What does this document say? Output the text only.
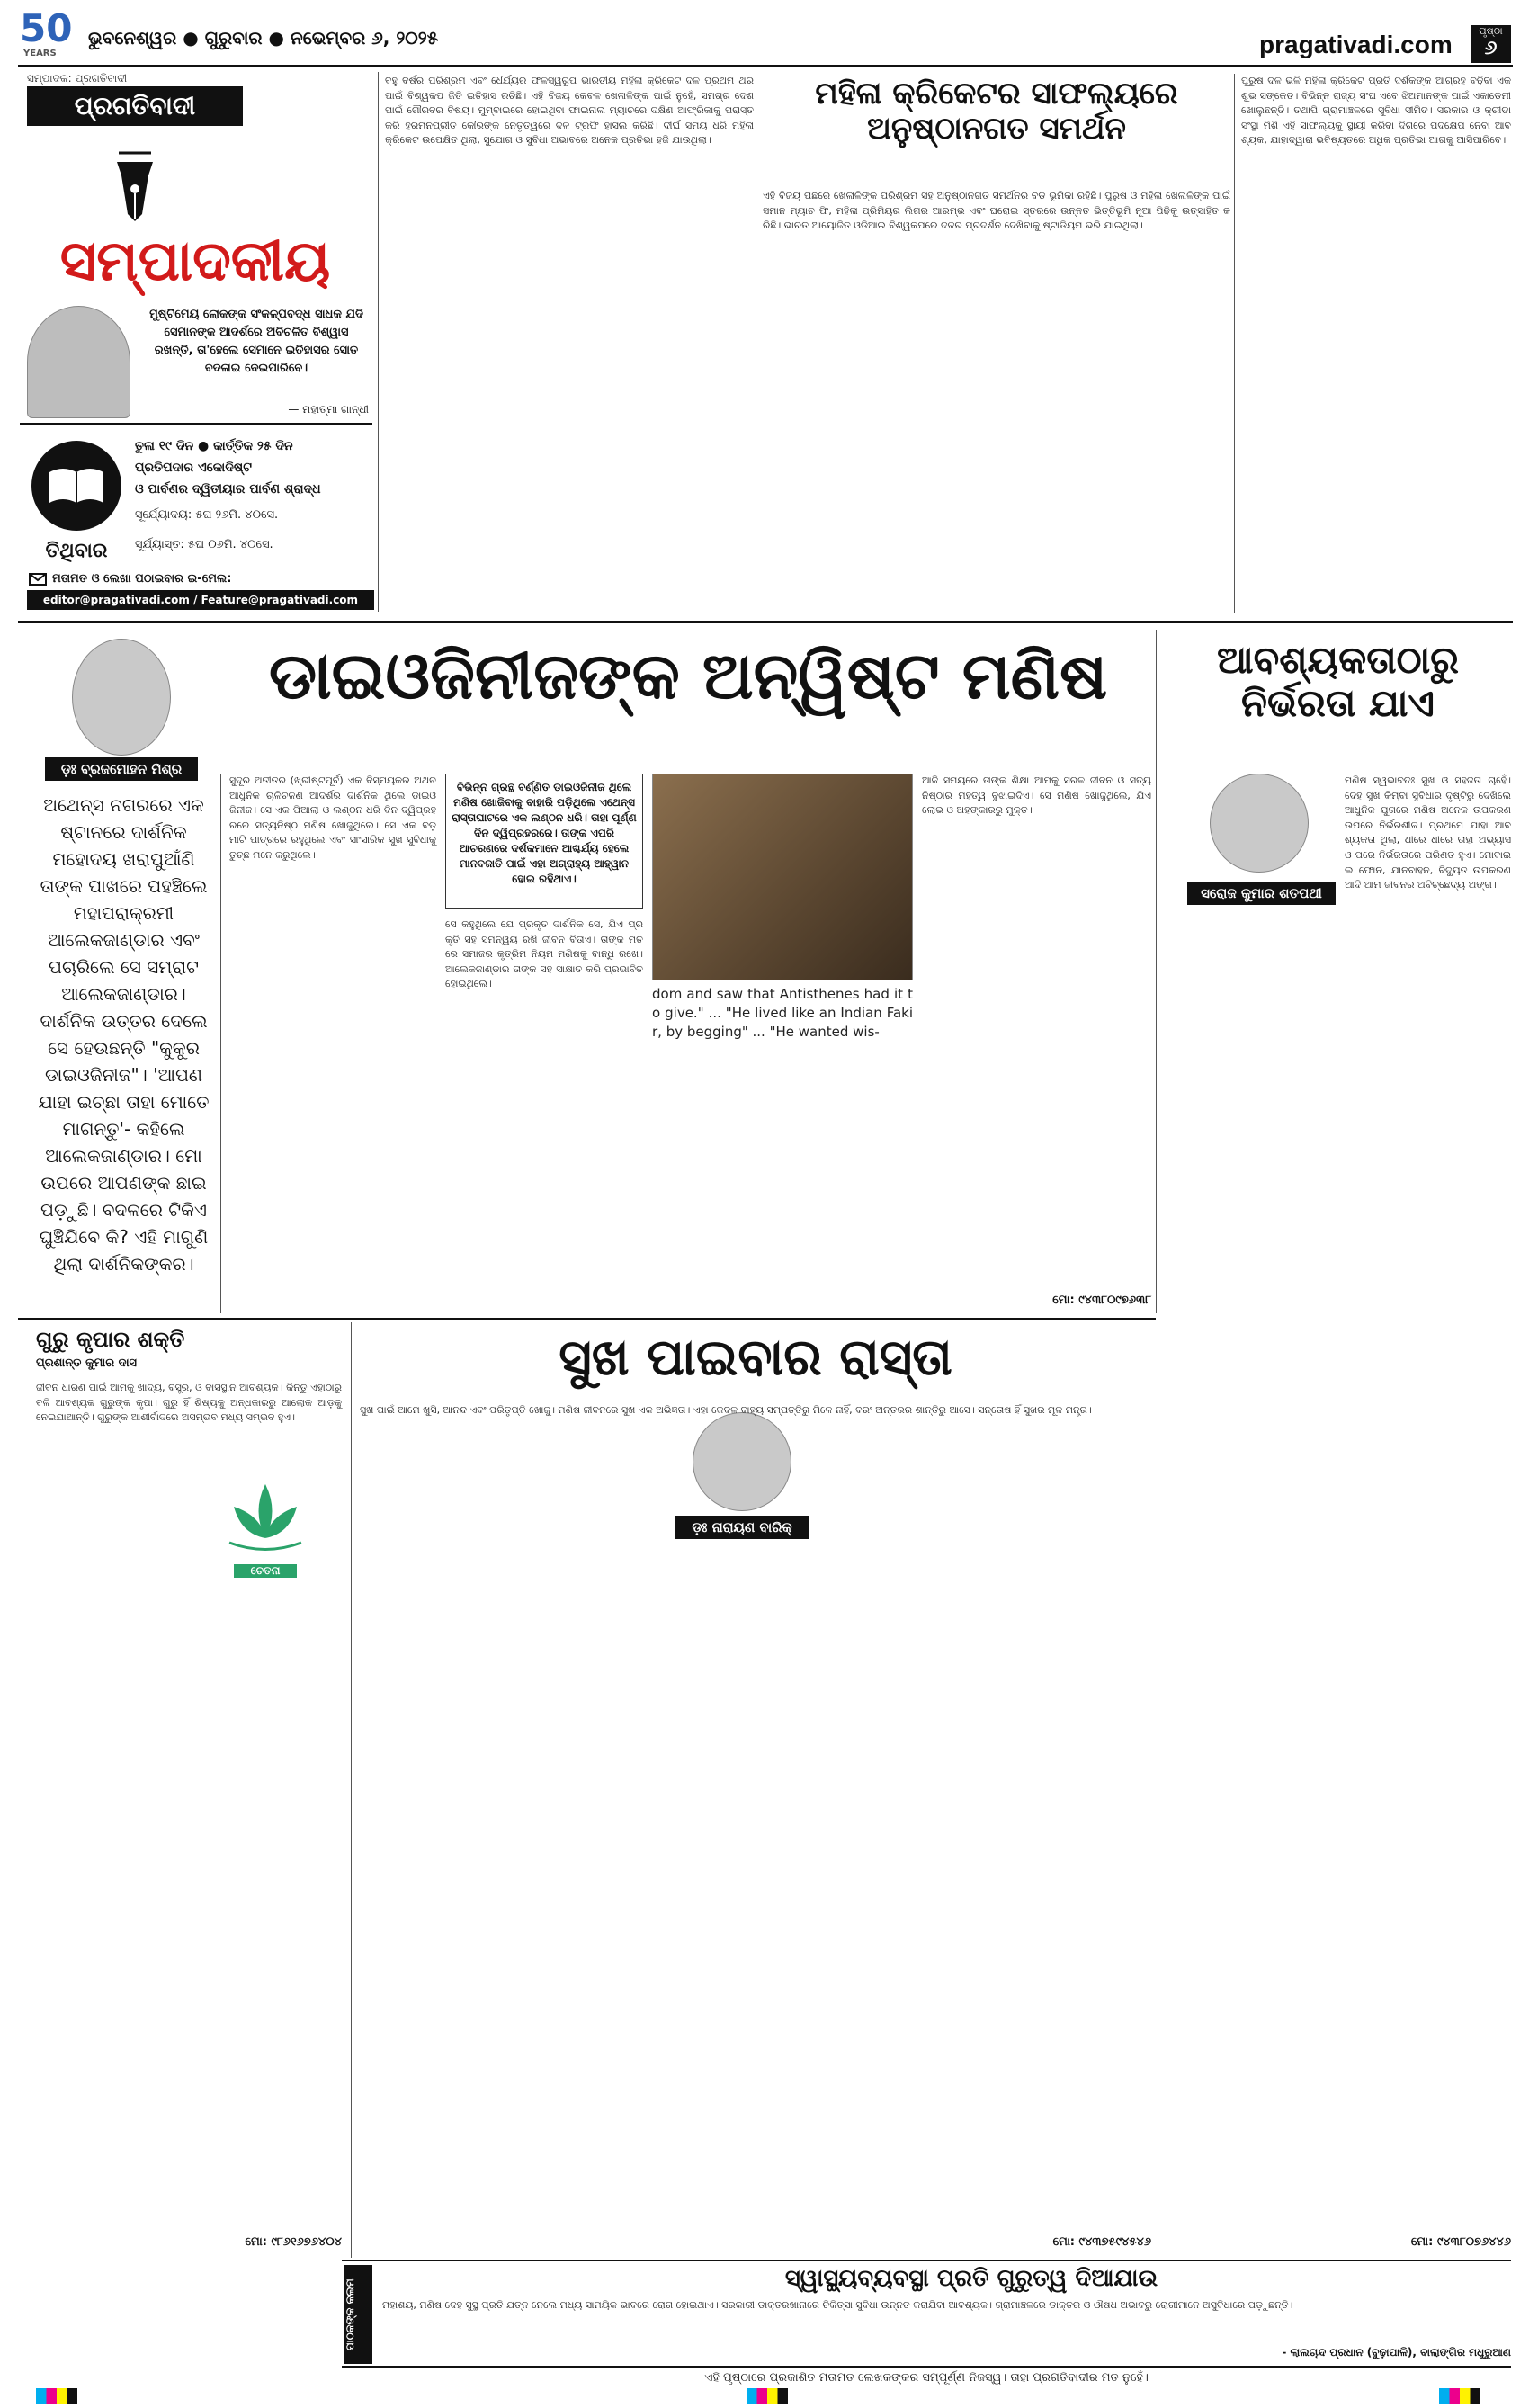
50
YEARS
ଭୁବନେଶ୍ୱର ● ଗୁରୁବାର ● ନଭେମ୍ବର ୬, ୨୦୨୫	pragativadi.com	ପୃଷ୍ଠା
୬
ସମ୍ପାଦକ: ପ୍ରଗତିବାଦୀ
ପ୍ରଗତିବାଦୀ
ସମ୍ପାଦକୀୟ
ମୁଷ୍ଟିମେୟ ଲୋକଙ୍କ ସଂକଳ୍ପବଦ୍ଧ ସାଧକ ଯଦି ସେମାନଙ୍କ ଆଦର୍ଶରେ ଅବିଚଳିତ ବିଶ୍ୱାସ ରଖନ୍ତି, ତା'ହେଲେ ସେମାନେ ଇତିହାସର ସୋତ ବଦଳାଇ ଦେଇପାରିବେ।
— ମହାତ୍ମା ଗାନ୍ଧୀ
ତିଥିବାର
ତୁଳା ୧୯ ଦିନ ● କାର୍ତ୍ତିକ ୨୫ ଦିନ
ପ୍ରତିପଦାର ଏକୋଦିଷ୍ଟ
ଓ ପାର୍ବଣର ଦ୍ୱିତୀୟାର ପାର୍ବଣ ଶ୍ରାଦ୍ଧ
ସୂର୍ଯ୍ୟୋଦୟ: ୫ଘ ୨୬ମି. ୪୦ସେ.
ସୂର୍ଯ୍ୟାସ୍ତ: ୫ଘ ୦୬ମି. ୪୦ସେ.
ମତାମତ ଓ ଲେଖା ପଠାଇବାର ଇ-ମେଲ:
editor@pragativadi.com / Feature@pragativadi.com
ବହୁ ବର୍ଷର ପରିଶ୍ରମ ଏବଂ ଧୈର୍ଯ୍ୟର ଫଳସ୍ୱରୂପ ଭାରତୀୟ ମହିଳା କ୍ରିକେଟ ଦଳ ପ୍ରଥମ ଥର ପାଇଁ ବିଶ୍ୱକପ ଜିତି ଇତିହାସ ରଚିଛି। ଏହି ବିଜୟ କେବଳ ଖେଳାଳିଙ୍କ ପାଇଁ ନୁହେଁ, ସମଗ୍ର ଦେଶ ପାଇଁ ଗୌରବର ବିଷୟ। ମୁମ୍ବାଇରେ ହୋଇଥିବା ଫାଇନାଲ ମ୍ୟାଚରେ ଦକ୍ଷିଣ ଆଫ୍ରିକାକୁ ପରାସ୍ତ କରି ହରମନପ୍ରୀତ କୌରଙ୍କ ନେତୃତ୍ୱରେ ଦଳ ଟ୍ରଫି ହାସଲ କରିଛି। ଦୀର୍ଘ ସମୟ ଧରି ମହିଳା କ୍ରିକେଟ ଉପେକ୍ଷିତ ଥିଲା, ସୁଯୋଗ ଓ ସୁବିଧା ଅଭାବରେ ଅନେକ ପ୍ରତିଭା ହଜି ଯାଉଥିଲା।
ମହିଳା କ୍ରିକେଟର ସାଫଲ୍ୟରେ
ଅନୁଷ୍ଠାନଗତ ସମର୍ଥନ
ଏହି ବିଜୟ ପଛରେ ଖେଳାଳିଙ୍କ ପରିଶ୍ରମ ସହ ଅନୁଷ୍ଠାନଗତ ସମର୍ଥନର ବଡ ଭୂମିକା ରହିଛି। ପୁରୁଷ ଓ ମହିଳା ଖେଳାଳିଙ୍କ ପାଇଁ ସମାନ ମ୍ୟାଚ ଫି, ମହିଳା ପ୍ରିମିୟର ଲିଗର ଆରମ୍ଭ ଏବଂ ଘରୋଇ ସ୍ତରରେ ଉନ୍ନତ ଭିତ୍ତିଭୂମି ନୂଆ ପିଢିକୁ ଉତ୍ସାହିତ କରିଛି। ଭାରତ ଆୟୋଜିତ ଓଡିଆଇ ବିଶ୍ୱକପରେ ଦଳର ପ୍ରଦର୍ଶନ ଦେଖିବାକୁ ଷ୍ଟାଡିୟମ ଭରି ଯାଇଥିଲା।
ପୁରୁଷ ଦଳ ଭଳି ମହିଳା କ୍ରିକେଟ ପ୍ରତି ଦର୍ଶକଙ୍କ ଆଗ୍ରହ ବଢିବା ଏକ ଶୁଭ ସଙ୍କେତ। ବିଭିନ୍ନ ରାଜ୍ୟ ସଂଘ ଏବେ ଝିଅମାନଙ୍କ ପାଇଁ ଏକାଡେମୀ ଖୋଲୁଛନ୍ତି। ତଥାପି ଗ୍ରାମାଞ୍ଚଳରେ ସୁବିଧା ସୀମିତ। ସରକାର ଓ କ୍ରୀଡା ସଂସ୍ଥା ମିଶି ଏହି ସାଫଲ୍ୟକୁ ସ୍ଥାୟୀ କରିବା ଦିଗରେ ପଦକ୍ଷେପ ନେବା ଆବଶ୍ୟକ, ଯାହାଦ୍ୱାରା ଭବିଷ୍ୟତରେ ଅଧିକ ପ୍ରତିଭା ଆଗକୁ ଆସିପାରିବେ।
ଡ଼ଃ ବ୍ରଜମୋହନ ମିଶ୍ର
ଡାଇଓଜିନୀଜଙ୍କ ଅନ୍ୱିଷ୍ଟ ମଣିଷ
ଅଥେନ୍ସ ନଗରରେ ଏକ ଷ୍ଟାନରେ ଦାର୍ଶନିକ ମହୋଦୟ ଖରାପୁଆଁଣି ତାଙ୍କ ପାଖରେ ପହଞ୍ଚିଲେ ମହାପରାକ୍ରମୀ ଆଲେକଜାଣ୍ଡାର ଏବଂ ପଚାରିଲେ ସେ ସମ୍ରାଟ ଆଲେକଜାଣ୍ଡାର। ଦାର୍ଶନିକ ଉତ୍ତର ଦେଲେ ସେ ହେଉଛନ୍ତି "କୁକୁର ଡାଇଓଜିନୀଜ"। 'ଆପଣ ଯାହା ଇଚ୍ଛା ତାହା ମୋତେ ମାଗନ୍ତୁ'- କହିଲେ ଆଲେକଜାଣ୍ଡାର। ମୋ ଉପରେ ଆପଣଙ୍କ ଛାଇ ପଡ଼ୁଛି। ବଦଳରେ ଟିକିଏ ଘୁଞ୍ଚିଯିବେ କି? ଏହି ମାଗୁଣି ଥିଲା ଦାର୍ଶନିକଙ୍କର।
ସୁଦୂର ଅତୀତର (ଖ୍ରୀଷ୍ଟପୂର୍ବ) ଏକ ବିସ୍ମୟକର ଅଥଚ ଆଧୁନିକ ଚାଳିଚଳଣ ଆଦର୍ଶର ଦାର୍ଶନିକ ଥିଲେ ଡାଇଓଜିନୀଜ। ସେ ଏକ ପିଆଲା ଓ ଲଣ୍ଠନ ଧରି ଦିନ ଦ୍ୱିପ୍ରହରରେ ସତ୍ୟନିଷ୍ଠ ମଣିଷ ଖୋଜୁଥିଲେ। ସେ ଏକ ବଡ଼ ମାଟି ପାତ୍ରରେ ରହୁଥିଲେ ଏବଂ ସାଂସାରିକ ସୁଖ ସୁବିଧାକୁ ତୁଚ୍ଛ ମନେ କରୁଥିଲେ।
ବିଭିନ୍ନ ଗ୍ରନ୍ଥ ବର୍ଣ୍ଣିତ ଡାଇଓଜିନୀଜ ଥିଲେ ମଣିଷ ଖୋଜିବାକୁ ବାହାରି ପଡ଼ିଥିଲେ ଏଥେନ୍ସ ରାସ୍ତାଘାଟରେ ଏକ ଲଣ୍ଠନ ଧରି। ତାହା ପୂର୍ଣ୍ଣ ଦିନ ଦ୍ୱିପ୍ରହରରେ। ତାଙ୍କ ଏପରି ଆଚରଣରେ ଦର୍ଶକମାନେ ଆଶ୍ଚର୍ଯ୍ୟ ହେଲେ ମାନବଜାତି ପାଇଁ ଏହା ଅଗ୍ରାହ୍ୟ ଆହ୍ୱାନ ହୋଇ ରହିଥାଏ।
ସେ କହୁଥିଲେ ଯେ ପ୍ରକୃତ ଦାର୍ଶନିକ ସେ, ଯିଏ ପ୍ରକୃତି ସହ ସମନ୍ୱୟ ରଖି ଜୀବନ ବିତାଏ। ତାଙ୍କ ମତରେ ସମାଜର କୃତ୍ରିମ ନିୟମ ମଣିଷକୁ ବାନ୍ଧି ରଖେ। ଆଲେକଜାଣ୍ଡାର ତାଙ୍କ ସହ ସାକ୍ଷାତ କରି ପ୍ରଭାବିତ ହୋଇଥିଲେ।
dom and saw that Antisthenes had it to give." ... "He lived like an Indian Fakir, by begging" ... "He wanted wis-
ଆଜି ସମୟରେ ତାଙ୍କ ଶିକ୍ଷା ଆମକୁ ସରଳ ଜୀବନ ଓ ସତ୍ୟନିଷ୍ଠାର ମହତ୍ୱ ବୁଝାଇଦିଏ। ସେ ମଣିଷ ଖୋଜୁଥିଲେ, ଯିଏ ଲୋଭ ଓ ଅହଙ୍କାରରୁ ମୁକ୍ତ।
ମୋ: ୯୪୩୮୦୯୭୬୩୮
ଆବଶ୍ୟକତାଠାରୁ
ନିର୍ଭରତା ଯାଏ
ସରୋଜ କୁମାର ଶତପଥୀ
ମଣିଷ ସ୍ୱଭାବତଃ ସୁଖ ଓ ସହଜତା ଚାହେଁ। ଦେହ ସୁଖ କିମ୍ବା ସୁବିଧାର ଦୃଷ୍ଟିରୁ ଦେଖିଲେ ଆଧୁନିକ ଯୁଗରେ ମଣିଷ ଅନେକ ଉପକରଣ ଉପରେ ନିର୍ଭରଶୀଳ। ପ୍ରଥମେ ଯାହା ଆବଶ୍ୟକତା ଥିଲା, ଧୀରେ ଧୀରେ ତାହା ଅଭ୍ୟାସ ଓ ପରେ ନିର୍ଭରତାରେ ପରିଣତ ହୁଏ। ମୋବାଇଲ ଫୋନ, ଯାନବାହନ, ବିଦ୍ୟୁତ ଉପକରଣ ଆଦି ଆମ ଜୀବନର ଅବିଚ୍ଛେଦ୍ୟ ଅଙ୍ଗ।
ମୋ: ୯୪୩୮୦୭୬୪୪୬
ଗୁରୁ କୃପାର ଶକ୍ତି
ପ୍ରଶାନ୍ତ କୁମାର ଦାସ
ଚେତନା
ଜୀବନ ଧାରଣ ପାଇଁ ଆମକୁ ଖାଦ୍ୟ, ବସ୍ତ୍ର, ଓ ବାସସ୍ଥାନ ଆବଶ୍ୟକ। କିନ୍ତୁ ଏହାଠାରୁ ବଳି ଆବଶ୍ୟକ ଗୁରୁଙ୍କ କୃପା। ଗୁରୁ ହିଁ ଶିଷ୍ୟକୁ ଅନ୍ଧକାରରୁ ଆଲୋକ ଆଡ଼କୁ ନେଇଯାଆନ୍ତି। ଗୁରୁଙ୍କ ଆଶୀର୍ବାଦରେ ଅସମ୍ଭବ ମଧ୍ୟ ସମ୍ଭବ ହୁଏ।
ମୋ: ୯୮୬୧୬୭୬୪୦୪
ସୁଖ ପାଇବାର ରାସ୍ତା
ଡ଼ଃ ନାରାୟଣ ବାରିକ୍
ସୁଖ ପାଇଁ ଆମେ ଖୁସି, ଆନନ୍ଦ ଏବଂ ପରିତୃପ୍ତି ଖୋଜୁ। ମଣିଷ ଜୀବନରେ ସୁଖ ଏକ ଅଭିଜ୍ଞତା। ଏହା କେବଳ ବାହ୍ୟ ସମ୍ପତ୍ତିରୁ ମିଳେ ନାହିଁ, ବରଂ ଅନ୍ତରର ଶାନ୍ତିରୁ ଆସେ। ସନ୍ତୋଷ ହିଁ ସୁଖର ମୂଳ ମନ୍ତ୍ର।
ମୋ: ୯୪୩୭୫୯୪୫୪୬
ପାଠକଙ୍କ କଲମ
ସ୍ୱାସ୍ଥ୍ୟବ୍ୟବସ୍ଥା ପ୍ରତି ଗୁରୁତ୍ୱ ଦିଆଯାଉ
ମହାଶୟ, ମଣିଷ ଦେହ ସୁସ୍ଥ ପ୍ରତି ଯତ୍ନ ନେଲେ ମଧ୍ୟ ସାମୟିକ ଭାବରେ ରୋଗ ହୋଇଥାଏ। ସରକାରୀ ଡାକ୍ତରଖାନାରେ ଚିକିତ୍ସା ସୁବିଧା ଉନ୍ନତ କରାଯିବା ଆବଶ୍ୟକ। ଗ୍ରାମାଞ୍ଚଳରେ ଡାକ୍ତର ଓ ଔଷଧ ଅଭାବରୁ ରୋଗୀମାନେ ଅସୁବିଧାରେ ପଡ଼ୁଛନ୍ତି।
- ଲାଲଚାନ୍ଦ ପ୍ରଧାନ (ବୁଢ଼ାପାଳି), ବାଲାଙ୍ଗିର ମଧୁରୁଆଣ
ଏହି ପୃଷ୍ଠାରେ ପ୍ରକାଶିତ ମତାମତ ଲେଖକଙ୍କର ସମ୍ପୂର୍ଣ୍ଣ ନିଜସ୍ୱ। ତାହା ପ୍ରଗତିବାଦୀର ମତ ନୁହେଁ।
